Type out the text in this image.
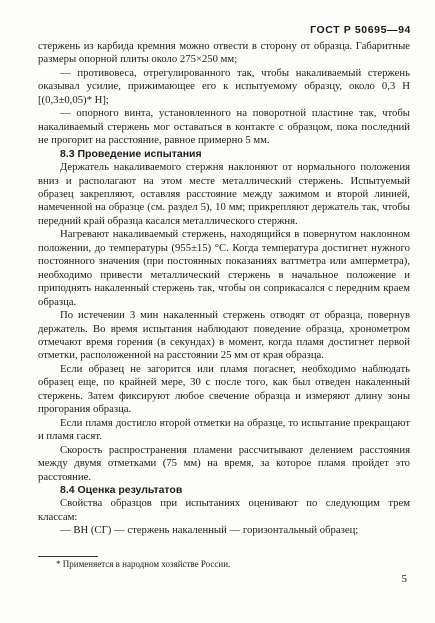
ГОСТ Р 50695—94

стержень из карбида кремния можно отвести в сторону от образца. Габаритные размеры опорной плиты около 275×250 мм;

— противовеса, отрегулированного так, чтобы накаливаемый стержень оказывал усилие, прижимающее его к испытуемому образцу, около 0,3 Н [(0,3±0,05)* Н];

— опорного винта, установленного на поворотной пластине так, чтобы накаливаемый стержень мог оставаться в контакте с образцом, пока последний не прогорит на расстояние, равное примерно 5 мм.

8.3 Проведение испытания

Держатель накаливаемого стержня наклоняют от нормального положения вниз и располагают на этом месте металлический стержень. Испытуемый образец закрепляют, оставляя расстояние между зажимом и второй линией, намеченной на образце (см. раздел 5), 10 мм; прикрепляют держатель так, чтобы передний край образца касался металлического стержня.

Нагревают накаливаемый стержень, находящийся в повернутом наклонном положении, до температуры (955±15) °С. Когда температура достигнет нужного постоянного значения (при постоянных показаниях ваттметра или амперметра), необходимо привести металлический стержень в начальное положение и приподнять накаленный стержень так, чтобы он соприкасался с передним краем образца.

По истечении 3 мин накаленный стержень отводят от образца, повернув держатель. Во время испытания наблюдают поведение образца, хронометром отмечают время горения (в секундах) в момент, когда пламя достигнет первой отметки, расположенной на расстоянии 25 мм от края образца.

Если образец не загорится или пламя погаснет, необходимо наблюдать образец еще, по крайней мере, 30 с после того, как был отведен накаленный стержень. Затем фиксируют любое свечение образца и измеряют длину зоны прогорания образца.

Если пламя достигло второй отметки на образце, то испытание прекращают и пламя гасят.

Скорость распространения пламени рассчитывают делением расстояния между двумя отметками (75 мм) на время, за которое пламя пройдет это расстояние.

8.4 Оценка результатов

Свойства образцов при испытаниях оценивают по следующим трем классам:

— ВН (СГ) — стержень накаленный — горизонтальный образец;

* Применяется в народном хозяйстве России.
5
